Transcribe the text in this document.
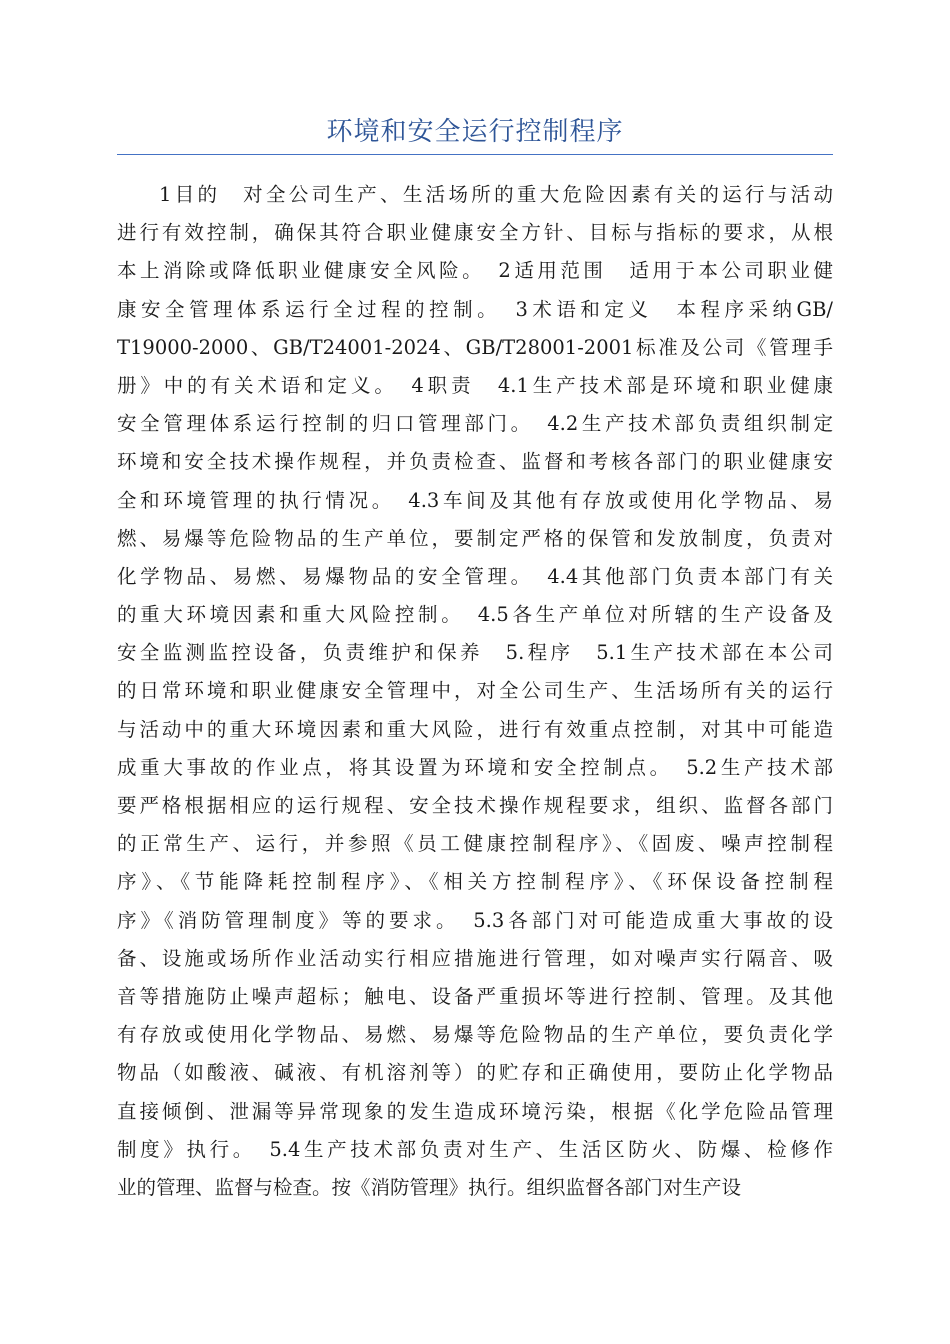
环境和安全运行控制程序
1目的　对全公司生产、生活场所的重大危险因素有关的运行与活动
进行有效控制，确保其符合职业健康安全方针、目标与指标的要求，从根
本上消除或降低职业健康安全风险。　2适用范围　适用于本公司职业健
康安全管理体系运行全过程的控制。　3术语和定义　本程序采纳GB/
T19000-2000、GB/T24001-2024、GB/T28001-2001标准及公司《管理手
册》中的有关术语和定义。　4职责　4.1生产技术部是环境和职业健康
安全管理体系运行控制的归口管理部门。　4.2生产技术部负责组织制定
环境和安全技术操作规程，并负责检查、监督和考核各部门的职业健康安
全和环境管理的执行情况。　4.3车间及其他有存放或使用化学物品、易
燃、易爆等危险物品的生产单位，要制定严格的保管和发放制度，负责对
化学物品、易燃、易爆物品的安全管理。　4.4其他部门负责本部门有关
的重大环境因素和重大风险控制。　4.5各生产单位对所辖的生产设备及
安全监测监控设备，负责维护和保养　5.程序　5.1生产技术部在本公司
的日常环境和职业健康安全管理中，对全公司生产、生活场所有关的运行
与活动中的重大环境因素和重大风险，进行有效重点控制，对其中可能造
成重大事故的作业点，将其设置为环境和安全控制点。　5.2生产技术部
要严格根据相应的运行规程、安全技术操作规程要求，组织、监督各部门
的正常生产、运行，并参照《员工健康控制程序》、《固废、噪声控制程
序》、《节能降耗控制程序》、《相关方控制程序》、《环保设备控制程
序》《消防管理制度》等的要求。　5.3各部门对可能造成重大事故的设
备、设施或场所作业活动实行相应措施进行管理，如对噪声实行隔音、吸
音等措施防止噪声超标；触电、设备严重损坏等进行控制、管理。及其他
有存放或使用化学物品、易燃、易爆等危险物品的生产单位，要负责化学
物品（如酸液、碱液、有机溶剂等）的贮存和正确使用，要防止化学物品
直接倾倒、泄漏等异常现象的发生造成环境污染，根据《化学危险品管理
制度》执行。　5.4生产技术部负责对生产、生活区防火、防爆、检修作
业的管理、监督与检查。按《消防管理》执行。组织监督各部门对生产设
